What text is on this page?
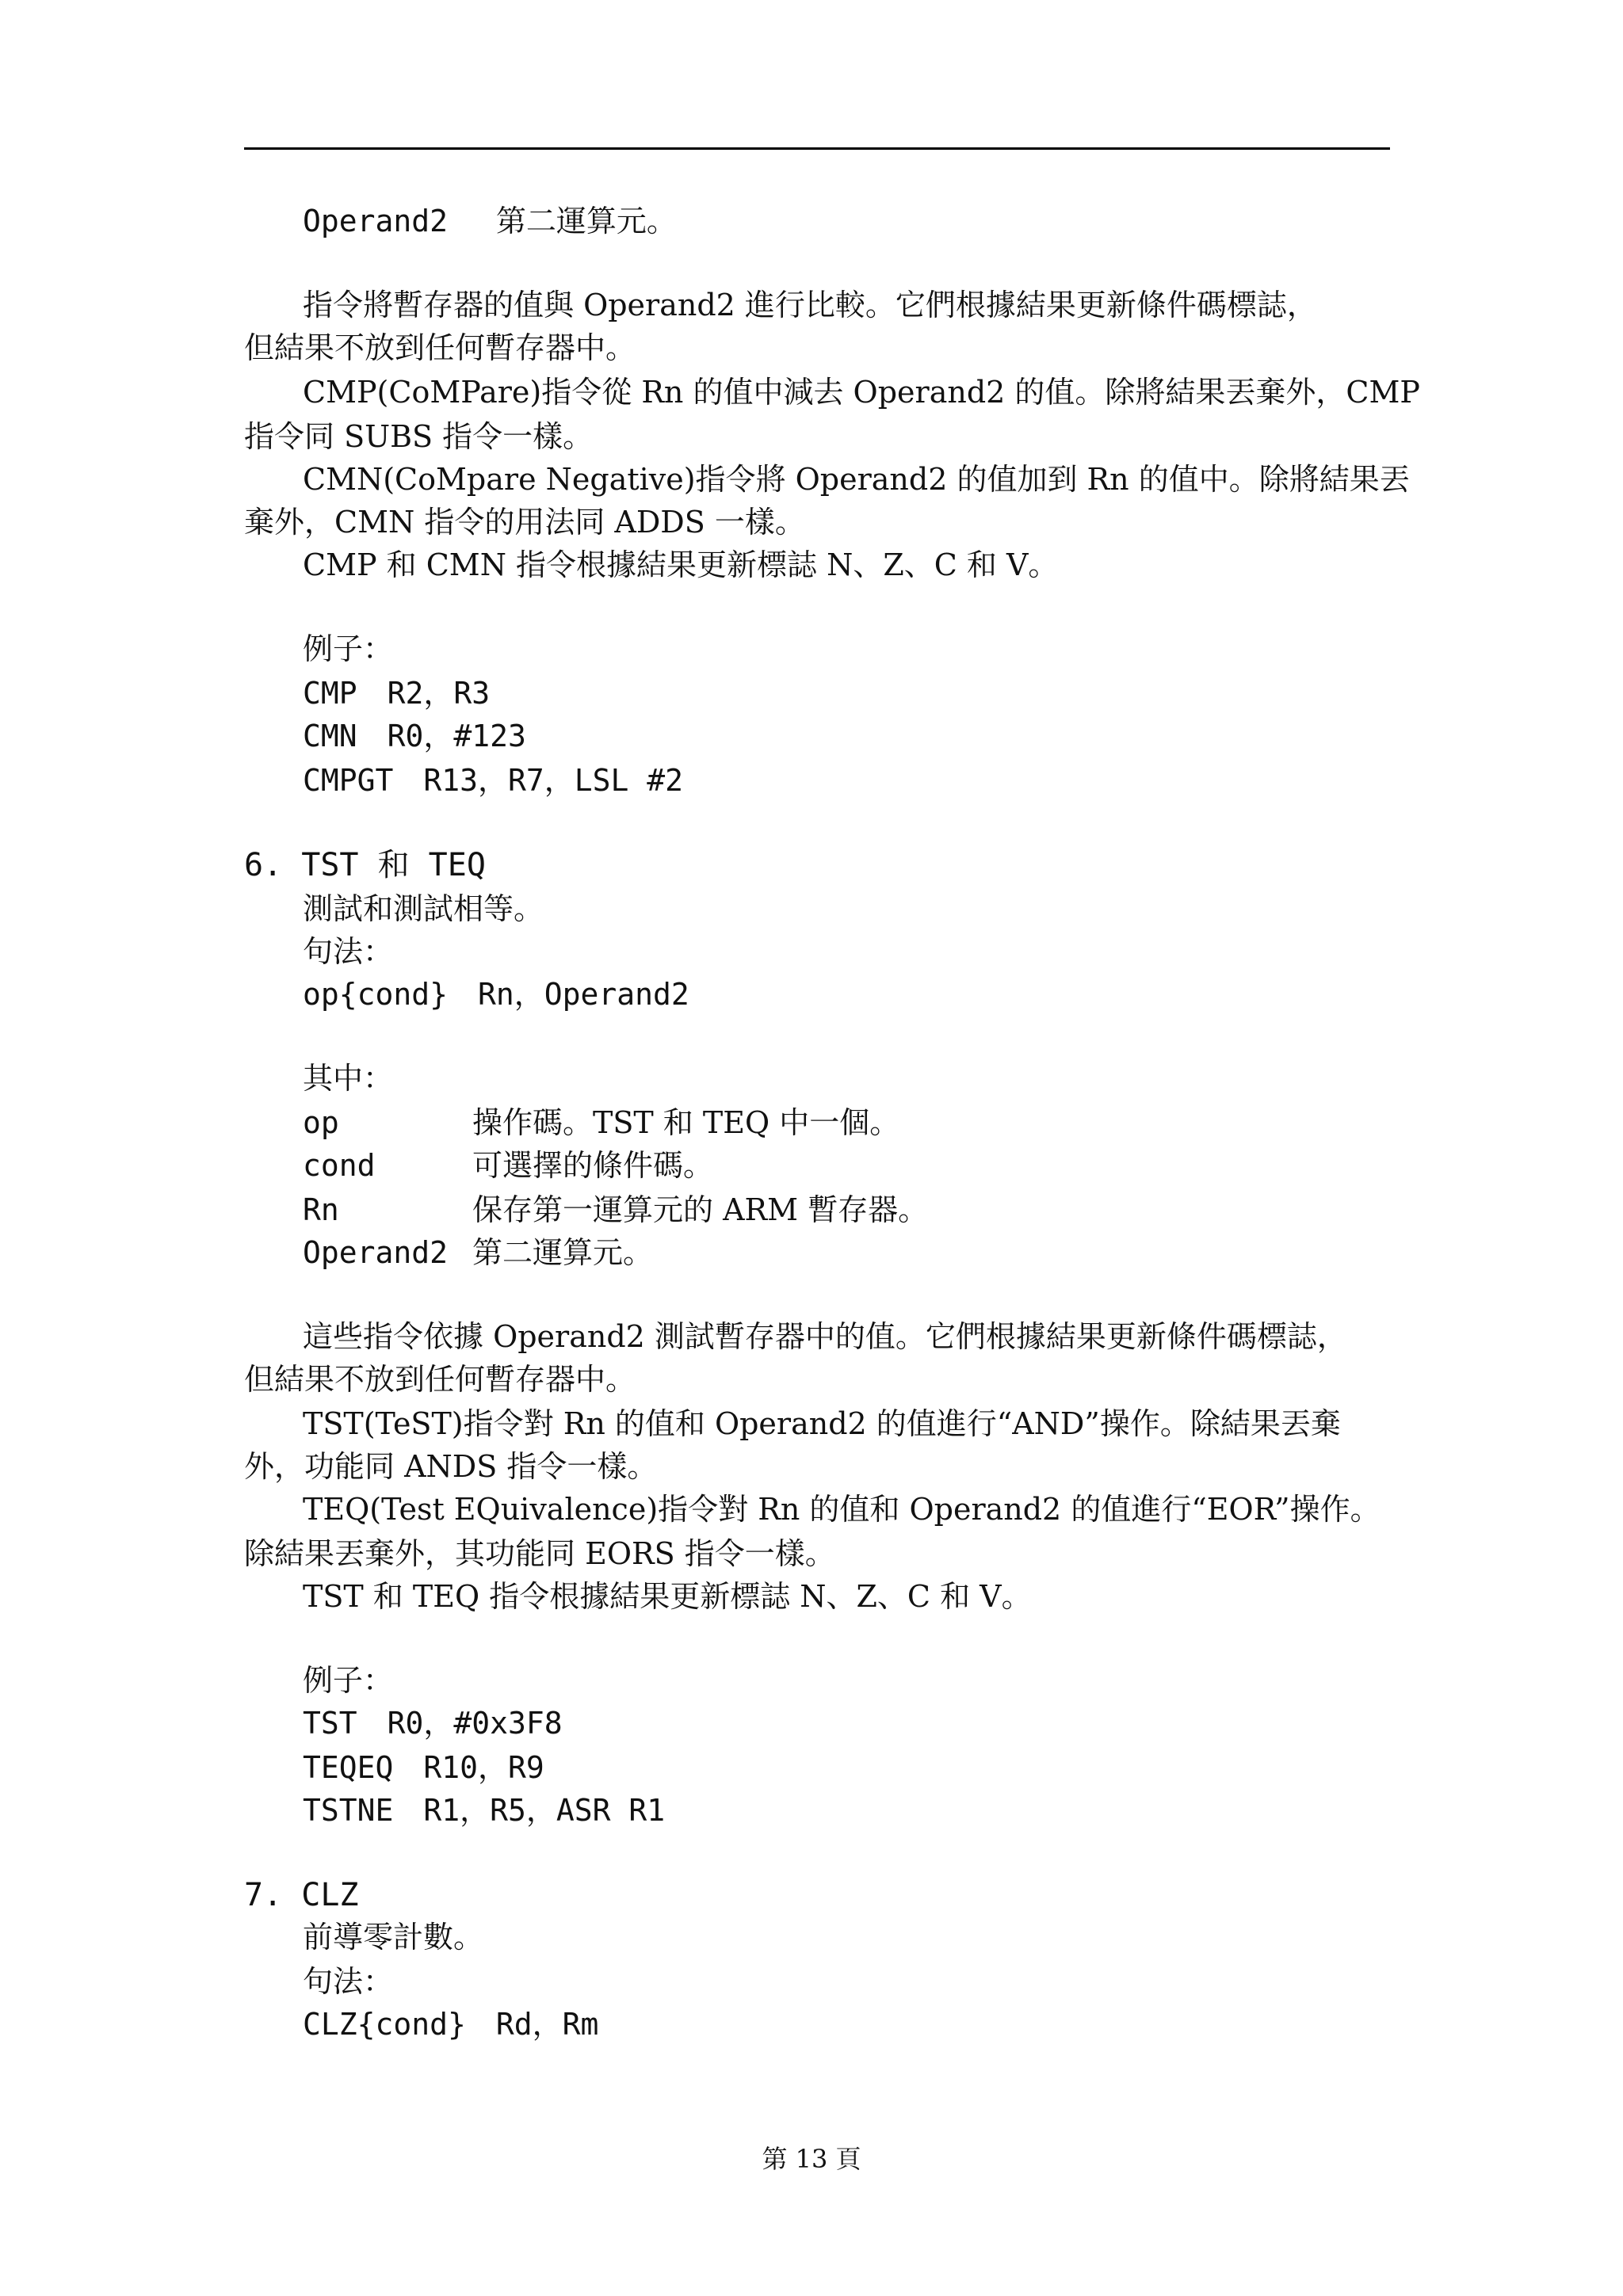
Operand2　 第二運算元。
指令將暫存器的值與 Operand2 進行比較。它們根據結果更新條件碼標誌，
但結果不放到任何暫存器中。
CMP(CoMPare)指令從 Rn 的值中減去 Operand2 的值。除將結果丟棄外，CMP
指令同 SUBS 指令一樣。
CMN(CoMpare Negative)指令將 Operand2 的值加到 Rn 的值中。除將結果丟
棄外，CMN 指令的用法同 ADDS 一樣。
CMP 和 CMN 指令根據結果更新標誌 N、Z、C 和 V。
例子：
CMP　R2，R3
CMN　R0，#123
CMPGT　R13，R7，LSL #2
6. TST 和 TEQ
測試和測試相等。
句法：
op{cond}　Rn，Operand2
其中：
op	操作碼。TST 和 TEQ 中一個。
cond	可選擇的條件碼。
Rn	保存第一運算元的 ARM 暫存器。
Operand2 第二運算元。
這些指令依據 Operand2 測試暫存器中的值。它們根據結果更新條件碼標誌，
但結果不放到任何暫存器中。
TST(TeST)指令對 Rn 的值和 Operand2 的值進行“AND”操作。除結果丟棄
外，功能同 ANDS 指令一樣。
TEQ(Test EQuivalence)指令對 Rn 的值和 Operand2 的值進行“EOR”操作。
除結果丟棄外，其功能同 EORS 指令一樣。
TST 和 TEQ 指令根據結果更新標誌 N、Z、C 和 V。
例子：
TST　R0，#0x3F8
TEQEQ　R10，R9
TSTNE　R1，R5，ASR R1
7. CLZ
前導零計數。
句法：
CLZ{cond}　Rd，Rm
第 13 頁
